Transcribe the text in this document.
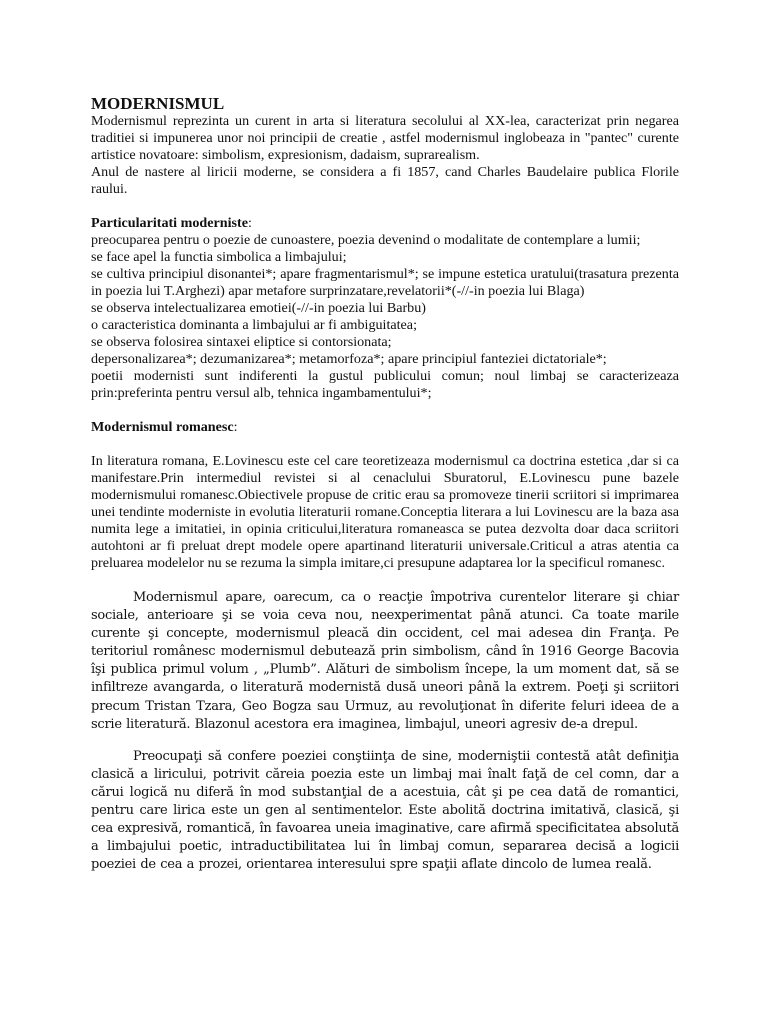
MODERNISMUL

Modernismul reprezinta un curent in arta si literatura secolului al XX-lea, caracterizat prin negarea traditiei si impunerea unor noi principii de creatie , astfel modernismul inglobeaza in "pantec" curente artistice novatoare: simbolism, expresionism, dadaism, suprarealism.

Anul de nastere al liricii moderne, se considera a fi 1857, cand Charles Baudelaire publica Florile raului.

Particularitati moderniste:

preocuparea pentru o poezie de cunoastere, poezia devenind o modalitate de contemplare a lumii;

se face apel la functia simbolica a limbajului;

se cultiva principiul disonantei*; apare fragmentarismul*; se impune estetica uratului(trasatura prezenta in poezia lui T.Arghezi) apar metafore surprinzatare,revelatorii*(-//-in poezia lui Blaga)

se observa intelectualizarea emotiei(-//-in poezia lui Barbu)

o caracteristica dominanta a limbajului ar fi ambiguitatea;

se observa folosirea sintaxei eliptice si contorsionata;

depersonalizarea*; dezumanizarea*; metamorfoza*; apare principiul fanteziei dictatoriale*;

poetii modernisti sunt indiferenti la gustul publicului comun; noul limbaj se caracterizeaza prin:preferinta pentru versul alb, tehnica ingambamentului*;

Modernismul romanesc:

In literatura romana, E.Lovinescu este cel care teoretizeaza modernismul ca doctrina estetica ,dar si ca manifestare.Prin intermediul revistei si al cenaclului Sburatorul, E.Lovinescu pune bazele modernismului romanesc.Obiectivele propuse de critic erau sa promoveze tinerii scriitori si imprimarea unei tendinte moderniste in evolutia literaturii romane.Conceptia literara a lui Lovinescu are la baza asa numita lege a imitatiei, in opinia criticului,literatura romaneasca se putea dezvolta doar daca scriitori autohtoni ar fi preluat drept modele opere apartinand literaturii universale.Criticul a atras atentia ca preluarea modelelor nu se rezuma la simpla imitare,ci presupune adaptarea lor la specificul romanesc.

Modernismul apare, oarecum, ca o reacţie împotriva curentelor literare şi chiar sociale, anterioare şi se voia ceva nou, neexperimentat până atunci. Ca toate marile curente şi concepte, modernismul pleacă din occident, cel mai adesea din Franţa. Pe teritoriul românesc modernismul debutează prin simbolism, când în 1916 George Bacovia îşi publica primul volum , „Plumb”. Alături de simbolism începe, la um moment dat, să se infiltreze avangarda, o literatură modernistă dusă uneori până la extrem. Poeţi şi scriitori precum Tristan Tzara, Geo Bogza sau Urmuz, au revoluţionat în diferite feluri ideea de a scrie literatură. Blazonul acestora era imaginea, limbajul, uneori agresiv de-a drepul.

Preocupaţi să confere poeziei conştiinţa de sine, moderniştii contestă atât definiţia clasică a liricului, potrivit căreia poezia este un limbaj mai înalt faţă de cel comn, dar a cărui logică nu diferă în mod substanţial de a acestuia, cât şi pe cea dată de romantici, pentru care lirica este un gen al sentimentelor. Este abolită doctrina imitativă, clasică, şi cea expresivă, romantică, în favoarea uneia imaginative, care afirmă specificitatea absolută a limbajului poetic, intraductibilitatea lui în limbaj comun, separarea decisă a logicii poeziei de cea a prozei, orientarea interesului spre spaţii aflate dincolo de lumea reală.
